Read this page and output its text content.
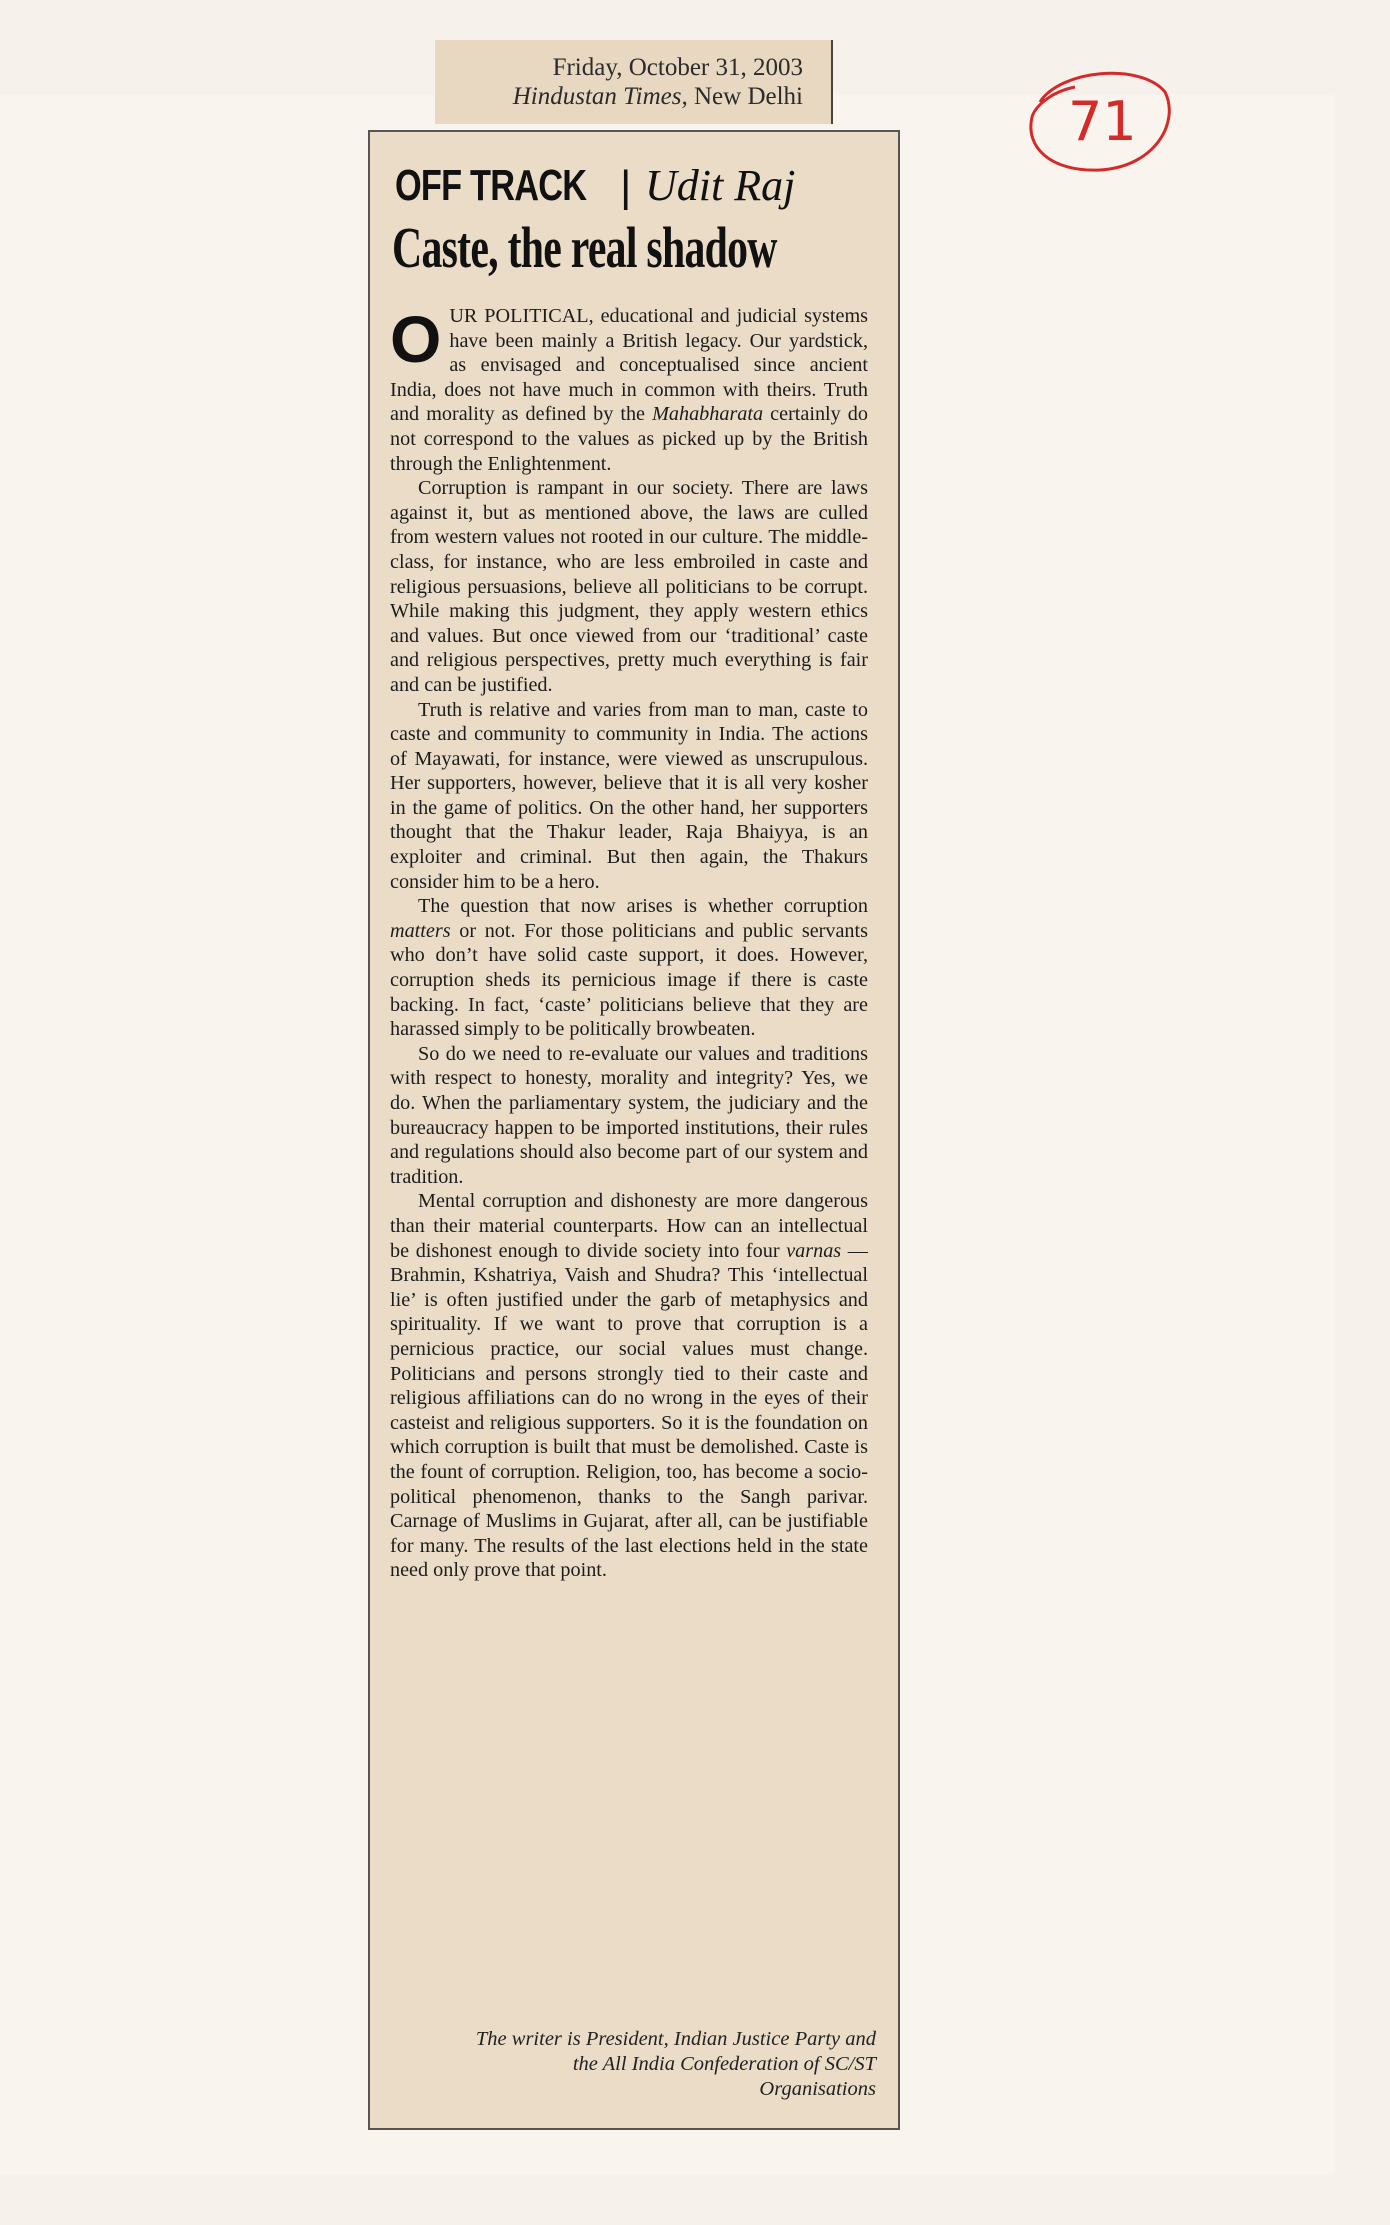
Friday, October 31, 2003
Hindustan Times, New Delhi	71
OFF TRACK | Udit Raj
Caste, the real shadow

OUR POLITICAL, educational and judicial systems have been mainly a British legacy. Our yardstick, as envisaged and conceptualised since ancient India, does not have much in common with theirs. Truth and morality as defined by the Mahabharata certainly do not correspond to the values as picked up by the British through the Enlightenment.

Corruption is rampant in our society. There are laws against it, but as mentioned above, the laws are culled from western values not rooted in our culture. The middle-class, for instance, who are less embroiled in caste and religious persuasions, believe all politicians to be corrupt. While making this judgment, they apply western ethics and values. But once viewed from our ‘traditional’ caste and religious perspectives, pretty much everything is fair and can be justified.

Truth is relative and varies from man to man, caste to caste and community to community in India. The actions of Mayawati, for instance, were viewed as unscrupulous. Her supporters, however, believe that it is all very kosher in the game of politics. On the other hand, her supporters thought that the Thakur leader, Raja Bhaiyya, is an exploiter and criminal. But then again, the Thakurs consider him to be a hero.

The question that now arises is whether corruption matters or not. For those politicians and public servants who don’t have solid caste support, it does. However, corruption sheds its pernicious image if there is caste backing. In fact, ‘caste’ politicians believe that they are harassed simply to be politically browbeaten.

So do we need to re-evaluate our values and traditions with respect to honesty, morality and integrity? Yes, we do. When the parliamentary system, the judiciary and the bureaucracy happen to be imported institutions, their rules and regulations should also become part of our system and tradition.

Mental corruption and dishonesty are more dangerous than their material counterparts. How can an intellectual be dishonest enough to divide society into four varnas — Brahmin, Kshatriya, Vaish and Shudra? This ‘intellectual lie’ is often justified under the garb of metaphysics and spirituality. If we want to prove that corruption is a pernicious practice, our social values must change. Politicians and persons strongly tied to their caste and religious affiliations can do no wrong in the eyes of their casteist and religious supporters. So it is the foundation on which corruption is built that must be demolished. Caste is the fount of corruption. Religion, too, has become a socio-political phenomenon, thanks to the Sangh parivar. Carnage of Muslims in Gujarat, after all, can be justifiable for many. The results of the last elections held in the state need only prove that point.

The writer is President, Indian Justice Party and the All India Confederation of SC/ST Organisations
